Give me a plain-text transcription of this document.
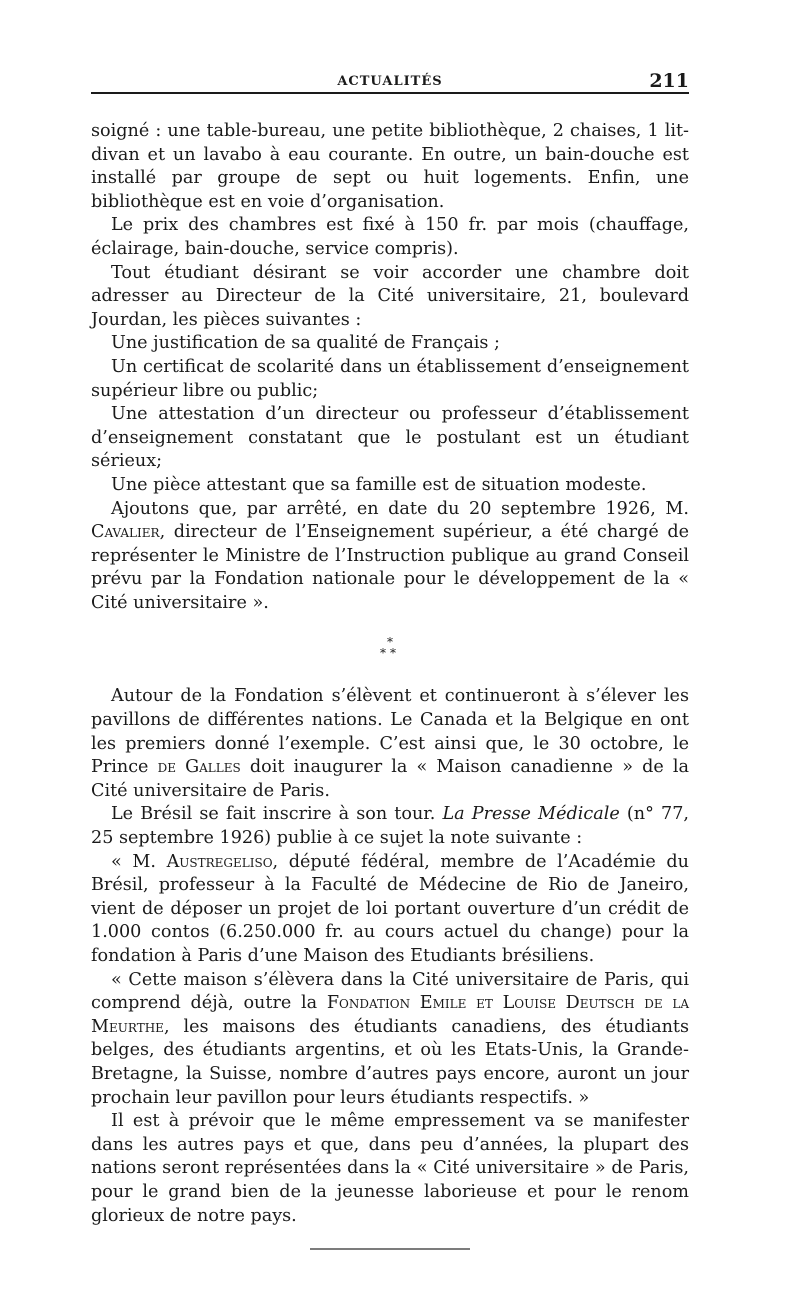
ACTUALITÉS	211

soigné : une table-bureau, une petite bibliothèque, 2 chaises, 1 lit-divan et un lavabo à eau courante. En outre, un bain-douche est installé par groupe de sept ou huit logements. Enfin, une bibliothèque est en voie d’organisation.

Le prix des chambres est fixé à 150 fr. par mois (chauffage, éclairage, bain-douche, service compris).

Tout étudiant désirant se voir accorder une chambre doit adresser au Directeur de la Cité universitaire, 21, boulevard Jourdan, les pièces suivantes :

Une justification de sa qualité de Français ;

Un certificat de scolarité dans un établissement d’enseignement supérieur libre ou public;

Une attestation d’un directeur ou professeur d’établissement d’enseignement constatant que le postulant est un étudiant sérieux;

Une pièce attestant que sa famille est de situation modeste.

Ajoutons que, par arrêté, en date du 20 septembre 1926, M. Cavalier, directeur de l’Enseignement supérieur, a été chargé de représenter le Ministre de l’Instruction publique au grand Conseil prévu par la Fondation nationale pour le développement de la « Cité universitaire ».

*
**

Autour de la Fondation s’élèvent et continueront à s’élever les pavillons de différentes nations. Le Canada et la Belgique en ont les premiers donné l’exemple. C’est ainsi que, le 30 octobre, le Prince de Galles doit inaugurer la « Maison canadienne » de la Cité universitaire de Paris.

Le Brésil se fait inscrire à son tour. La Presse Médicale (n° 77, 25 septembre 1926) publie à ce sujet la note suivante :

« M. Austregeliso, député fédéral, membre de l’Académie du Brésil, professeur à la Faculté de Médecine de Rio de Janeiro, vient de déposer un projet de loi portant ouverture d’un crédit de 1.000 contos (6.250.000 fr. au cours actuel du change) pour la fondation à Paris d’une Maison des Etudiants brésiliens.

« Cette maison s’élèvera dans la Cité universitaire de Paris, qui comprend déjà, outre la Fondation Emile et Louise Deutsch de la Meurthe, les maisons des étudiants canadiens, des étudiants belges, des étudiants argentins, et où les Etats-Unis, la Grande-Bretagne, la Suisse, nombre d’autres pays encore, auront un jour prochain leur pavillon pour leurs étudiants respectifs. »

Il est à prévoir que le même empressement va se manifester dans les autres pays et que, dans peu d’années, la plupart des nations seront représentées dans la « Cité universitaire » de Paris, pour le grand bien de la jeunesse laborieuse et pour le renom glorieux de notre pays.
